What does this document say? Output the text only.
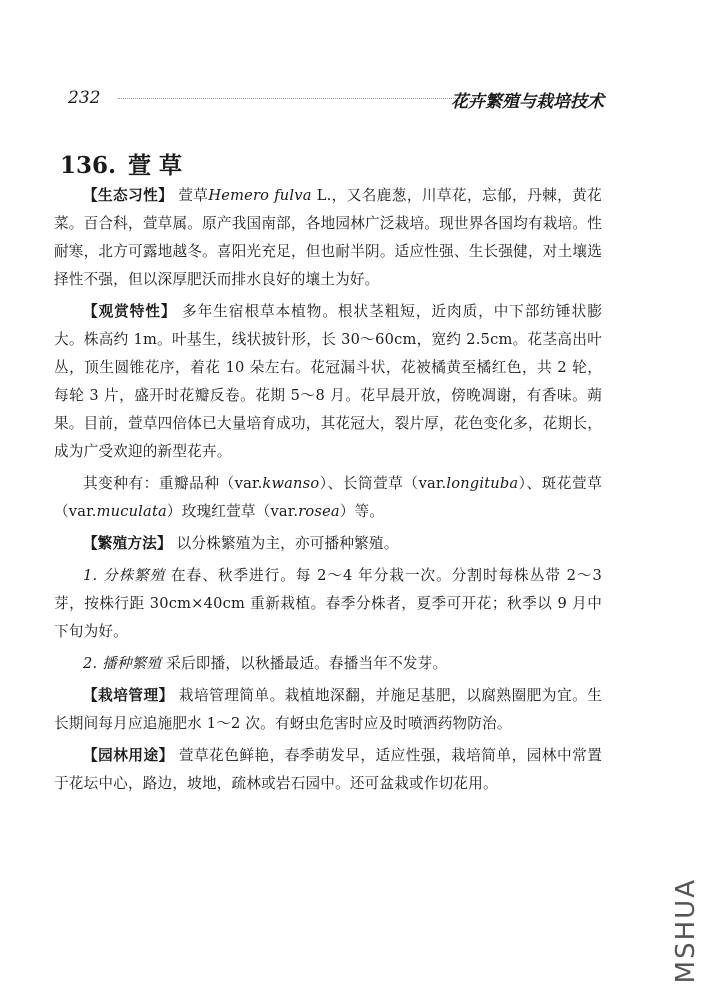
232	花卉繁殖与栽培技术
136. 萱 草

【生态习性】 萱草Hemero fulva L.，又名鹿葱，川草花，忘郁，丹棘，黄花菜。百合科，萱草属。原产我国南部，各地园林广泛栽培。现世界各国均有栽培。性耐寒，北方可露地越冬。喜阳光充足，但也耐半阴。适应性强、生长强健，对土壤选择性不强，但以深厚肥沃而排水良好的壤土为好。

【观赏特性】 多年生宿根草本植物。根状茎粗短，近肉质，中下部纺锤状膨大。株高约 1m。叶基生，线状披针形，长 30～60cm，宽约 2.5cm。花茎高出叶丛，顶生圆锥花序，着花 10 朵左右。花冠漏斗状，花被橘黄至橘红色，共 2 轮，每轮 3 片，盛开时花瓣反卷。花期 5～8 月。花早晨开放，傍晚凋谢，有香味。蒴果。目前，萱草四倍体已大量培育成功，其花冠大，裂片厚，花色变化多，花期长，成为广受欢迎的新型花卉。

其变种有：重瓣品种（var.kwanso）、长筒萱草（var.longituba）、斑花萱草（var.muculata）玫瑰红萱草（var.rosea）等。

【繁殖方法】 以分株繁殖为主，亦可播种繁殖。

1. 分株繁殖 在春、秋季进行。每 2～4 年分栽一次。分割时每株丛带 2～3 芽，按株行距 30cm×40cm 重新栽植。春季分株者，夏季可开花；秋季以 9 月中下旬为好。

2. 播种繁殖 采后即播，以秋播最适。春播当年不发芽。

【栽培管理】 栽培管理简单。栽植地深翻，并施足基肥，以腐熟圈肥为宜。生长期间每月应追施肥水 1～2 次。有蚜虫危害时应及时喷洒药物防治。

【园林用途】 萱草花色鲜艳，春季萌发早，适应性强，栽培简单，园林中常置于花坛中心，路边，坡地，疏林或岩石园中。还可盆栽或作切花用。

MSHUA
